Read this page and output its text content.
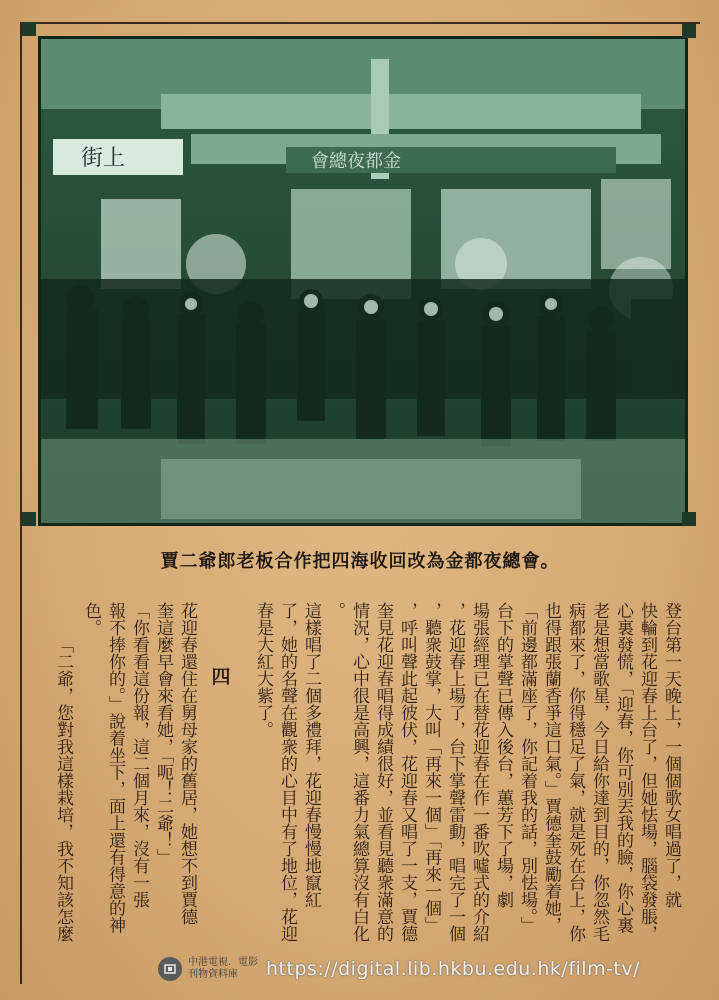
街上	會總夜都金
賈二爺郎老板合作把四海收回改為金都夜總會。
登台第一天晚上，一個個歌女唱過了，就
快輪到花迎春上台了，但她怯場，腦袋發脹，
心裏發慌，「迎春，你可別丟我的臉，你心裏
老是想當歌星，今日給你達到目的，你忽然毛
病都來了，你得穩足了氣，就是死在台上，你
也得跟張蘭香爭這口氣。」賈德奎鼓勵着她，
「前邊都滿座了，你記着我的話，別怯場。」
台下的掌聲已傳入後台，蕙芳下了場，劇
場張經理已在替花迎春在作一番吹噓式的介紹
，花迎春上場了，台下掌聲雷動，唱完了一個
，聽衆鼓掌，大叫「再來一個」「再來一個」
，呼叫聲此起彼伏，花迎春又唱了一支，賈德
奎見花迎春唱得成績很好，並看見聽衆滿意的
情況，心中很是高興，這番力氣總算沒有白化
。
這樣唱了二個多禮拜，花迎春慢慢地竄紅
了，她的名聲在觀衆的心目中有了地位，花迎
春是大紅大紫了。
四
花迎春還住在舅母家的舊居，她想不到賈德
奎這麼早會來看她，「呃！二爺！」
「你看看這份報，這二個月來，沒有一張
報不捧你的。」說着坐下，面上還有得意的神
色。
「二爺，您對我這樣栽培，我不知該怎麼
中港電視．電影
刊物資料庫	https://digital.lib.hkbu.edu.hk/film-tv/
